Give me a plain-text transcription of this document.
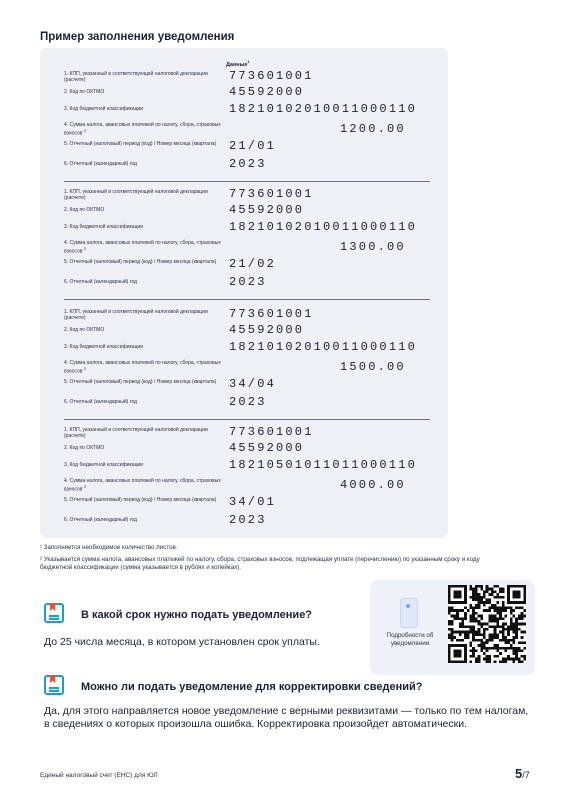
Пример заполнения уведомления
Данные$^1$
1. КПП, указанный в соответствующей налоговой декларации (расчете)	773601001
2. Код по ОКТМО	45592000
3. Код бюджетной классификации	18210102010011000110
4. Сумма налога, авансовых платежей по налогу, сбора, страховых взносов $^2$	1200.00
5. Отчетный (налоговый) период (код) / Номер месяца (квартала)	21/01
6. Отчетный (календарный) год	2023
1. КПП, указанный в соответствующей налоговой декларации (расчете)	773601001
2. Код по ОКТМО	45592000
3. Код бюджетной классификации	18210102010011000110
4. Сумма налога, авансовых платежей по налогу, сбора, страховых взносов $^2$	1300.00
5. Отчетный (налоговый) период (код) / Номер месяца (квартала)	21/02
6. Отчетный (календарный) год	2023
1. КПП, указанный в соответствующей налоговой декларации (расчете)	773601001
2. Код по ОКТМО	45592000
3. Код бюджетной классификации	18210102010011000110
4. Сумма налога, авансовых платежей по налогу, сбора, страховых взносов $^2$	1500.00
5. Отчетный (налоговый) период (код) / Номер месяца (квартала)	34/04
6. Отчетный (календарный) год	2023
1. КПП, указанный в соответствующей налоговой декларации (расчете)	773601001
2. Код по ОКТМО	45592000
3. Код бюджетной классификации	18210501011011000110
4. Сумма налога, авансовых платежей по налогу, сбора, страховых взносов $^2$	4000.00
5. Отчетный (налоговый) период (код) / Номер месяца (квартала)	34/01
6. Отчетный (календарный) год	2023

¹ Заполняется необходимое количество листов.

² Указывается сумма налога, авансовых платежей по налогу, сбора, страховых взносов, подлежащая уплате (перечислению) по указанным сроку и коду бюджетной классификации (сумма указывается в рублях и копейках).

Подробности об уведомлении
В какой срок нужно подать уведомление?
До 25 числа месяца, в котором установлен срок уплаты.
Можно ли подать уведомление для корректировки сведений?
Да, для этого направляется новое уведомление с верными реквизитами — только по тем налогам, в сведениях о которых произошла ошибка. Корректировка произойдет автоматически.
Единый налоговый счет (ЕНС) для ЮЛ	5/7
